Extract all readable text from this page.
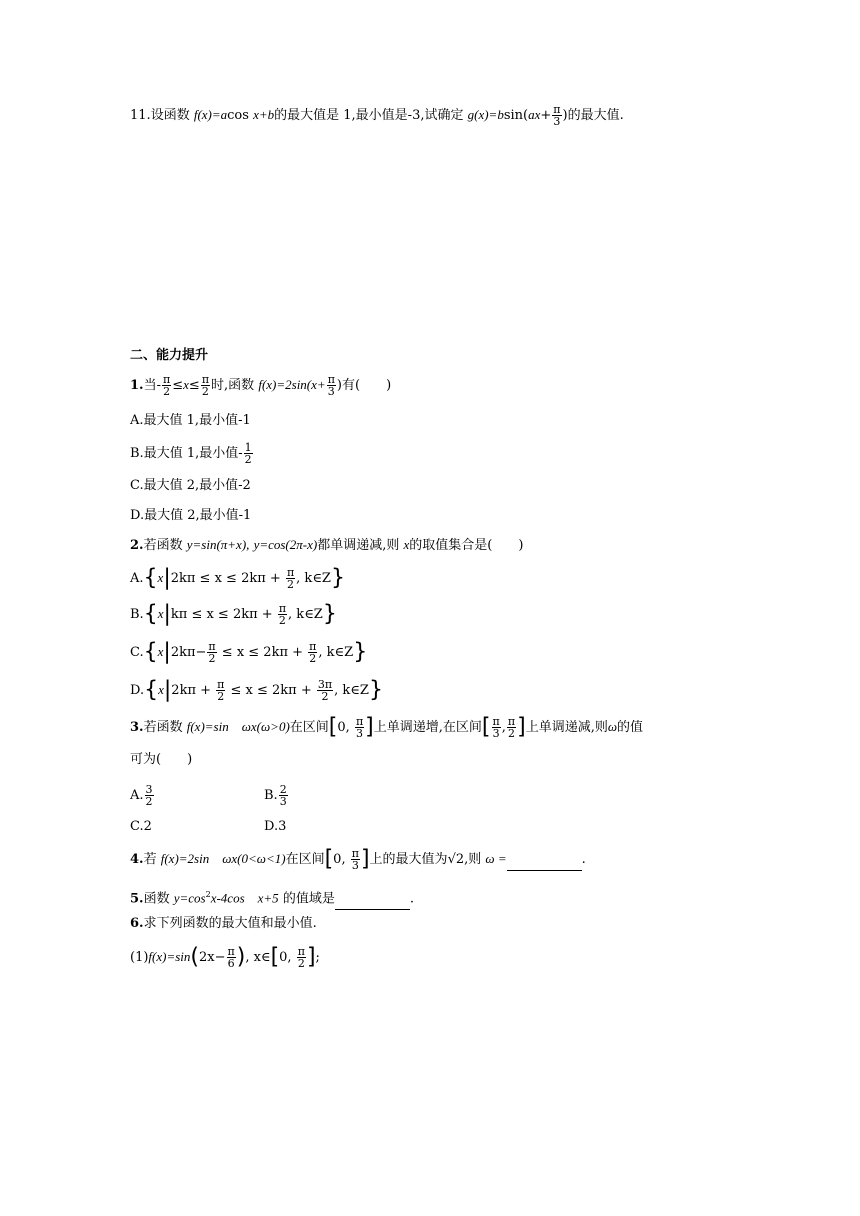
11.设函数 f(x)=acos x+b的最大值是 1,最小值是-3,试确定 $g(x)=bsin(ax+ \frac{\pi}{3}$ )的最大值.
二、能力提升
1.当- $\frac{\pi}{2} \le x\le \frac{\pi}{2}$ 时,函数 $f(x)=2\sin(x+ \frac{\pi}{3}$ )有(　　)
A.最大值 1,最小值-1
B.最大值 1,最小值- $\frac{1}{2}$
C.最大值 2,最小值-2
D.最大值 2,最小值-1
2.若函数 y=sin(π+x), y=cos(2π-x)都单调递减,则 x的取值集合是(　　)
$A.\{x|2k\pi \le x \le 2k\pi + \frac{\pi}{2}$ , k∈Z}
$B.\{x|k\pi \le x \le 2k\pi + \frac{\pi}{2}$ , k∈Z}
$C.\{x|2k\pi- \frac{\pi}{2} \le x \le 2k\pi + \frac{\pi}{2}$ , k∈Z}
$D.\{x|2k\pi + \frac{\pi}{2} \le x \le 2k\pi + \frac{3\pi}{2}$ , k∈Z}
3.若函数 f(x)=sin　ωx(ω>0)在区间[0, $\frac{\pi}{3}$ ]上单调递增,在区间[ $\frac{\pi}{3}$ , $\frac{\pi}{2}$ ]上单调递减,则ω的值
可为(　　)
A. $\frac{3}{2}$	B. $\frac{2}{3}$
C.2	D.3
4.若 f(x)=2sin　ωx(0<ω<1)在区间[0, $\frac{\pi}{3}$ ]上的最大值为√2,则 ω =	.
5.函数 $y=\cos^2x-4\cos$　x+5 的值域是	.
6.求下列函数的最大值和最小值.
$(1)f(x)=\sin(2x- \frac{\pi}{6}$ ), x∈[0, $\frac{\pi}{2}$ ];
